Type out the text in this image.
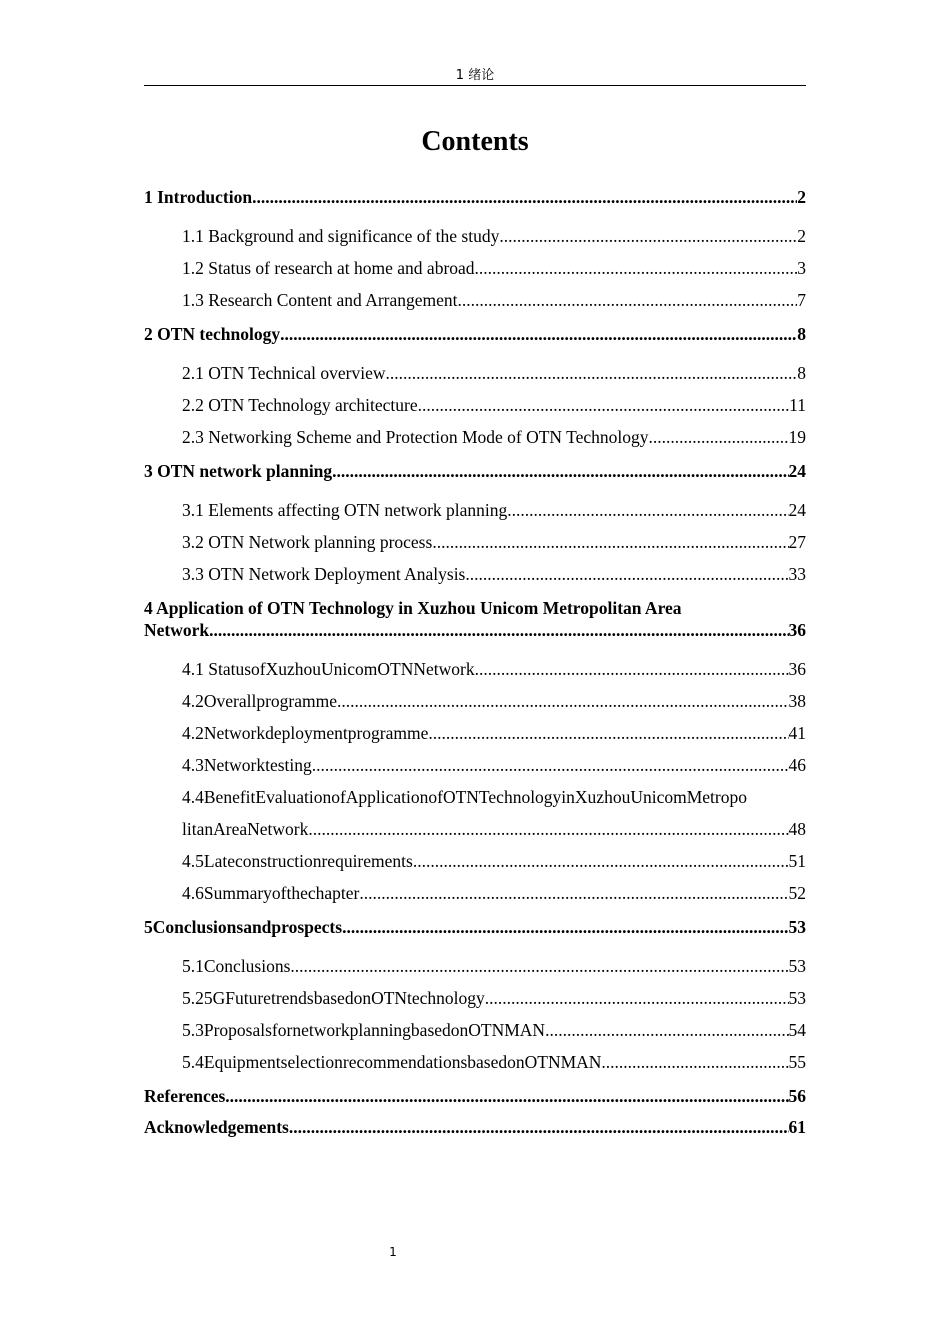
1 绪论
Contents
1 Introduction .....	2
1.1 Background and significance of the study .....	2
1.2 Status of research at home and abroad .....	3
1.3 Research Content and Arrangement .....	7
2 OTN technology .....	8
2.1 OTN Technical overview .....	8
2.2 OTN Technology architecture .....	11
2.3 Networking Scheme and Protection Mode of OTN Technology .....	19
3 OTN network planning .....	24
3.1 Elements affecting OTN network planning .....	24
3.2 OTN Network planning process .....	27
3.3 OTN Network Deployment Analysis .....	33
4 Application of OTN Technology in Xuzhou Unicom Metropolitan Area
Network .....	36
4.1 StatusofXuzhouUnicomOTNNetwork .....	36
4.2Overallprogramme .....	38
4.2Networkdeploymentprogramme .....	41
4.3Networktesting .....	46
4.4BenefitEvaluationofApplicationofOTNTechnologyinXuzhouUnicomMetropo
litanAreaNetwork .....	48
4.5Lateconstructionrequirements .....	51
4.6Summaryofthechapter .....	52
5Conclusionsandprospects .....	53
5.1Conclusions .....	53
5.25GFuturetrendsbasedonOTNtechnology .....	53
5.3ProposalsfornetworkplanningbasedonOTNMAN .....	54
5.4EquipmentselectionrecommendationsbasedonOTNMAN .....	55
References .....	56
Acknowledgements .....	61
1
